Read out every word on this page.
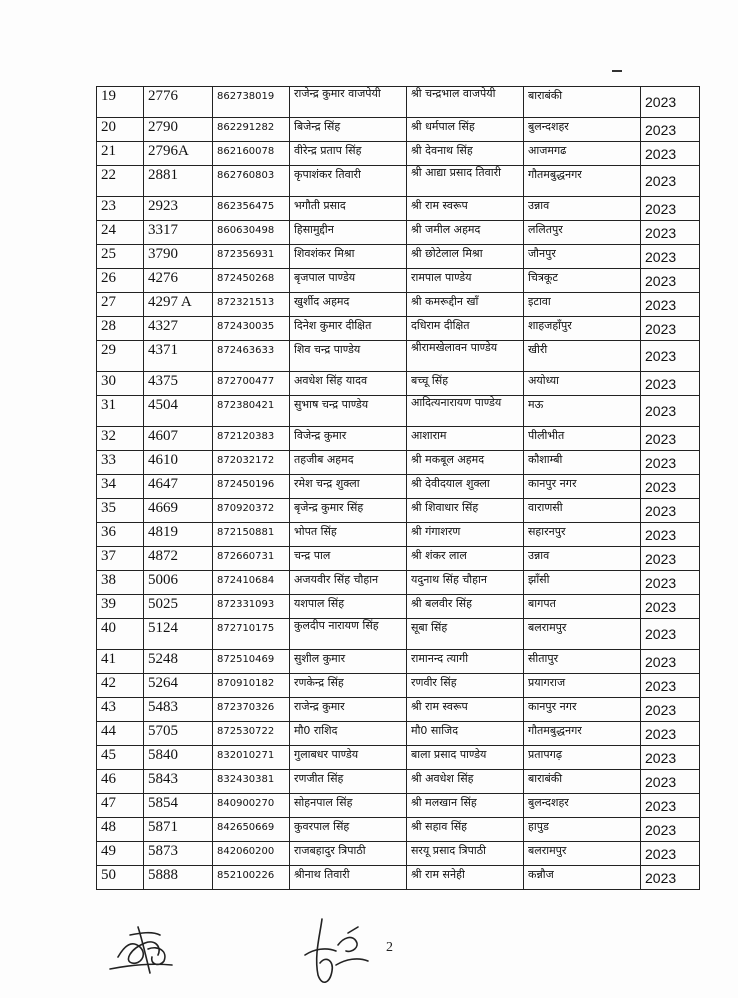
19	2776	862738019	राजेन्द्र कुमार वाजपेयी	श्री चन्द्रभाल वाजपेयी	बाराबंकी	2023
20	2790	862291282	बिजेन्द्र सिंह	श्री धर्मपाल सिंह	बुलन्दशहर	2023
21	2796A	862160078	वीरेन्द्र प्रताप सिंह	श्री देवनाथ सिंह	आजमगढ	2023
22	2881	862760803	कृपाशंकर तिवारी	श्री आद्या प्रसाद तिवारी	गौतमबुद्धनगर	2023
23	2923	862356475	भगौती प्रसाद	श्री राम स्वरूप	उन्नाव	2023
24	3317	860630498	हिसामुद्दीन	श्री जमील अहमद	ललितपुर	2023
25	3790	872356931	शिवशंकर मिश्रा	श्री छोटेलाल मिश्रा	जौनपुर	2023
26	4276	872450268	बृजपाल पाण्डेय	रामपाल पाण्डेय	चित्रकूट	2023
27	4297 A	872321513	खुर्शीद अहमद	श्री कमरूद्दीन खॉं	इटावा	2023
28	4327	872430035	दिनेश कुमार दीक्षित	दधिराम दीक्षित	शाहजहॉंपुर	2023
29	4371	872463633	शिव चन्द्र पाण्डेय	श्रीरामखेलावन पाण्डेय	खीरी	2023
30	4375	872700477	अवधेश सिंह यादव	बच्चू सिंह	अयोध्या	2023
31	4504	872380421	सुभाष चन्द्र पाण्डेय	आदित्यनारायण पाण्डेय	मऊ	2023
32	4607	872120383	विजेन्द्र कुमार	आशाराम	पीलीभीत	2023
33	4610	872032172	तहजीब अहमद	श्री मकबूल अहमद	कौशाम्बी	2023
34	4647	872450196	रमेश चन्द्र शुक्ला	श्री देवीदयाल शुक्ला	कानपुर नगर	2023
35	4669	870920372	बृजेन्द्र कुमार सिंह	श्री शिवाधार सिंह	वाराणसी	2023
36	4819	872150881	भोपत सिंह	श्री गंगाशरण	सहारनपुर	2023
37	4872	872660731	चन्द्र पाल	श्री शंकर लाल	उन्नाव	2023
38	5006	872410684	अजयवीर सिंह चौहान	यदुनाथ सिंह चौहान	झॉंसी	2023
39	5025	872331093	यशपाल सिंह	श्री बलवीर सिंह	बागपत	2023
40	5124	872710175	कुलदीप नारायण सिंह	सूबा सिंह	बलरामपुर	2023
41	5248	872510469	सुशील कुमार	रामानन्द त्यागी	सीतापुर	2023
42	5264	870910182	रणकेन्द्र सिंह	रणवीर सिंह	प्रयागराज	2023
43	5483	872370326	राजेन्द्र कुमार	श्री राम स्वरूप	कानपुर नगर	2023
44	5705	872530722	मौ0 राशिद	मौ0 साजिद	गौतमबुद्धनगर	2023
45	5840	832010271	गुलाबधर पाण्डेय	बाला प्रसाद पाण्डेय	प्रतापगढ़	2023
46	5843	832430381	रणजीत सिंह	श्री अवधेश सिंह	बाराबंकी	2023
47	5854	840900270	सोहनपाल सिंह	श्री मलखान सिंह	बुलन्दशहर	2023
48	5871	842650669	कुवरपाल सिंह	श्री सहाव सिंह	हापुड	2023
49	5873	842060200	राजबहादुर त्रिपाठी	सरयू प्रसाद त्रिपाठी	बलरामपुर	2023
50	5888	852100226	श्रीनाथ तिवारी	श्री राम सनेही	कन्नौज	2023
2
